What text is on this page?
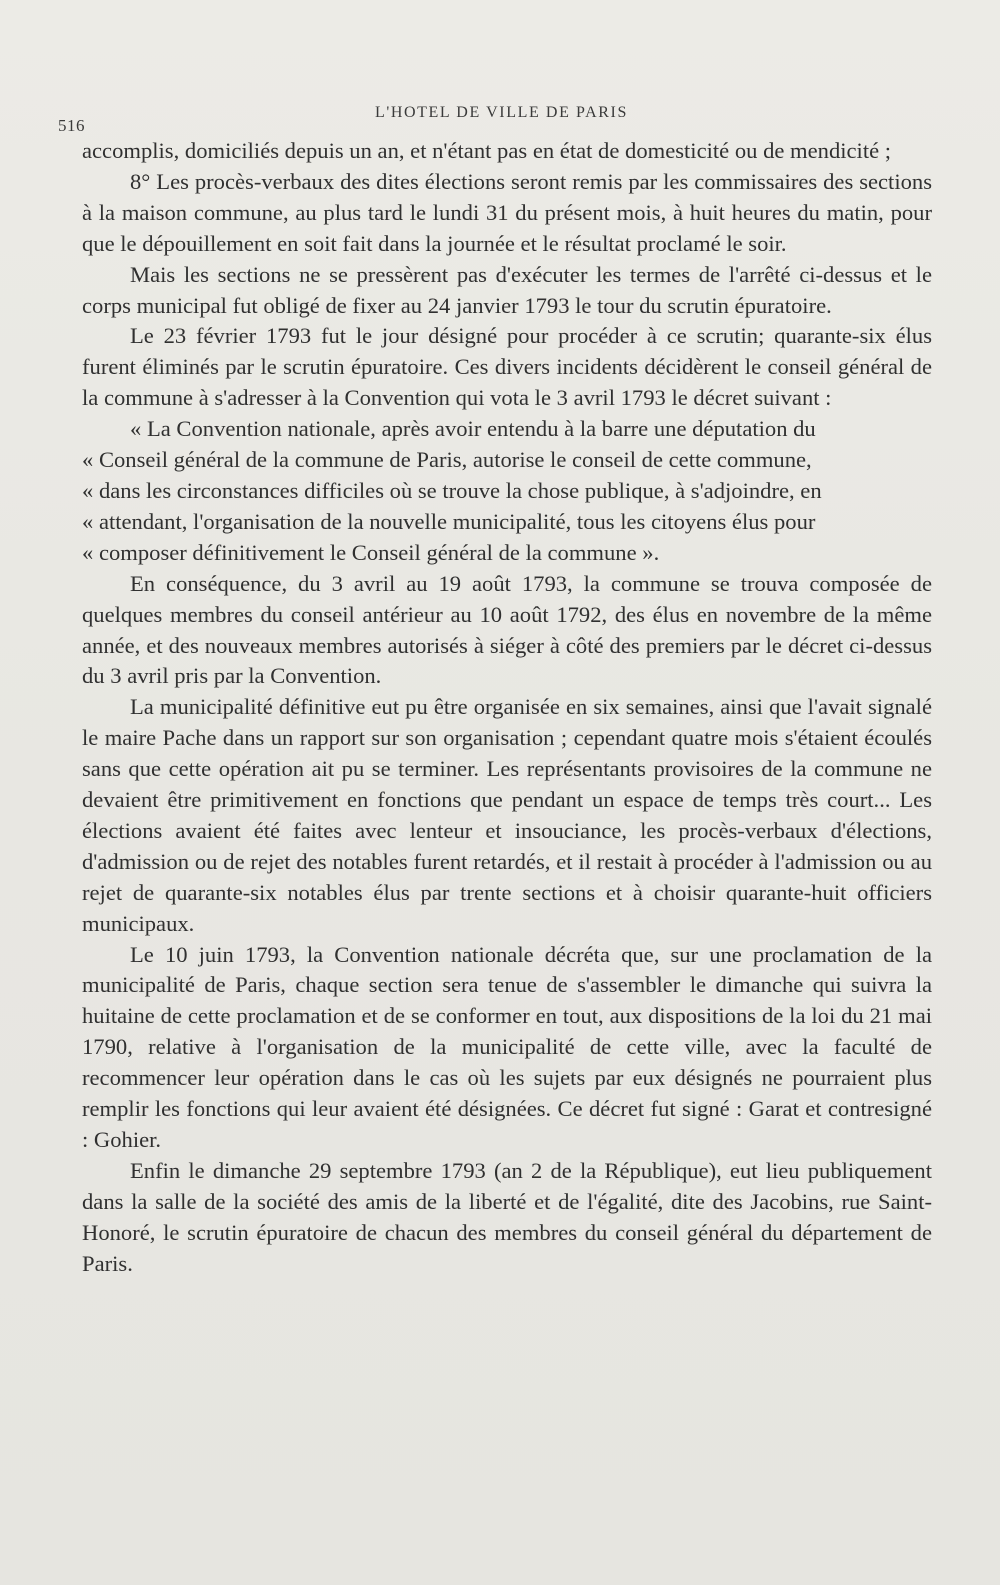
516
L'HOTEL DE VILLE DE PARIS

accomplis, domiciliés depuis un an, et n'étant pas en état de domesticité ou de mendicité ;

8° Les procès-verbaux des dites élections seront remis par les commissaires des sections à la maison commune, au plus tard le lundi 31 du présent mois, à huit heures du matin, pour que le dépouillement en soit fait dans la journée et le résultat proclamé le soir.

Mais les sections ne se pressèrent pas d'exécuter les termes de l'arrêté ci-dessus et le corps municipal fut obligé de fixer au 24 janvier 1793 le tour du scrutin épuratoire.

Le 23 février 1793 fut le jour désigné pour procéder à ce scrutin; quarante-six élus furent éliminés par le scrutin épuratoire. Ces divers incidents décidèrent le conseil général de la commune à s'adresser à la Convention qui vota le 3 avril 1793 le décret suivant :

« La Convention nationale, après avoir entendu à la barre une députation du
« Conseil général de la commune de Paris, autorise le conseil de cette commune,
« dans les circonstances difficiles où se trouve la chose publique, à s'adjoindre, en
« attendant, l'organisation de la nouvelle municipalité, tous les citoyens élus pour
« composer définitivement le Conseil général de la commune ».

En conséquence, du 3 avril au 19 août 1793, la commune se trouva composée de quelques membres du conseil antérieur au 10 août 1792, des élus en novembre de la même année, et des nouveaux membres autorisés à siéger à côté des premiers par le décret ci-dessus du 3 avril pris par la Convention.

La municipalité définitive eut pu être organisée en six semaines, ainsi que l'avait signalé le maire Pache dans un rapport sur son organisation ; cependant quatre mois s'étaient écoulés sans que cette opération ait pu se terminer. Les représentants provisoires de la commune ne devaient être primitivement en fonctions que pendant un espace de temps très court... Les élections avaient été faites avec lenteur et insouciance, les procès-verbaux d'élections, d'admission ou de rejet des notables furent retardés, et il restait à procéder à l'admission ou au rejet de quarante-six notables élus par trente sections et à choisir quarante-huit officiers municipaux.

Le 10 juin 1793, la Convention nationale décréta que, sur une proclamation de la municipalité de Paris, chaque section sera tenue de s'assembler le dimanche qui suivra la huitaine de cette proclamation et de se conformer en tout, aux dispositions de la loi du 21 mai 1790, relative à l'organisation de la municipalité de cette ville, avec la faculté de recommencer leur opération dans le cas où les sujets par eux désignés ne pourraient plus remplir les fonctions qui leur avaient été désignées. Ce décret fut signé : Garat et contresigné : Gohier.

Enfin le dimanche 29 septembre 1793 (an 2 de la République), eut lieu publiquement dans la salle de la société des amis de la liberté et de l'égalité, dite des Jacobins, rue Saint-Honoré, le scrutin épuratoire de chacun des membres du conseil général du département de Paris.
